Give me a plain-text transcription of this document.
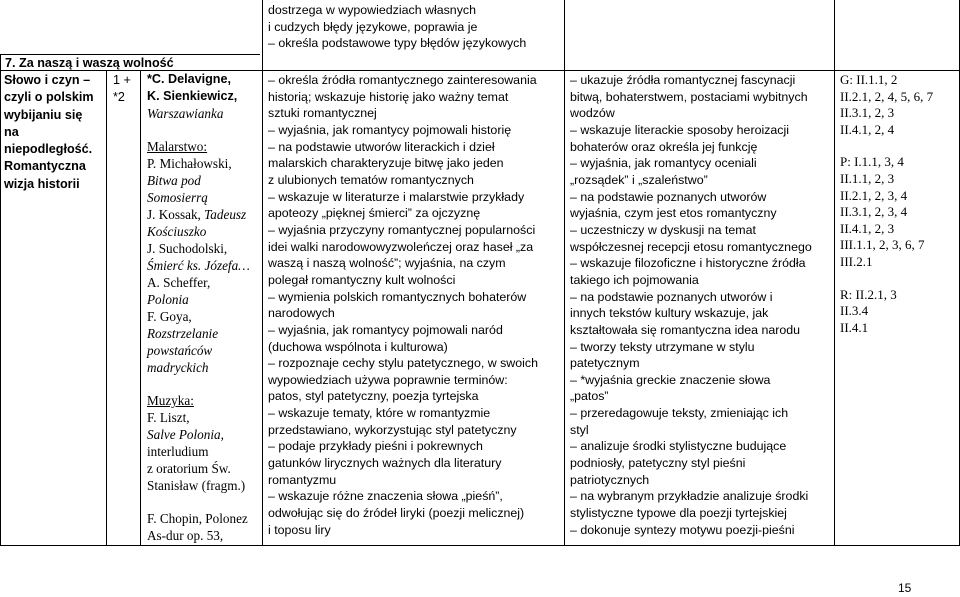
dostrzega w wypowiedziach własnych
i cudzych błędy językowe, poprawia je
– określa podstawowe typy błędów językowych
7. Za naszą i waszą wolność
Słowo i czyn –
czyli o polskim
wybijaniu się
na
niepodległość.
Romantyczna
wizja historii
1 +
*2
*C. Delavigne,
K. Sienkiewicz,
Warszawianka
Malarstwo:
P. Michałowski,
Bitwa pod
Somosierrą
J. Kossak, Tadeusz
Kościuszko
J. Suchodolski,
Śmierć ks. Józefa…
A. Scheffer,
Polonia
F. Goya,
Rozstrzelanie
powstańców
madryckich
Muzyka:
F. Liszt,
Salve Polonia,
interludium
z oratorium Św.
Stanisław (fragm.)
F. Chopin, Polonez
As-dur op. 53,
– określa źródła romantycznego zainteresowania
historią; wskazuje historię jako ważny temat
sztuki romantycznej
– wyjaśnia, jak romantycy pojmowali historię
– na podstawie utworów literackich i dzieł
malarskich charakteryzuje bitwę jako jeden
z ulubionych tematów romantycznych
– wskazuje w literaturze i malarstwie przykłady
apoteozy „pięknej śmierci” za ojczyznę
– wyjaśnia przyczyny romantycznej popularności
idei walki narodowowyzwoleńczej oraz haseł „za
waszą i naszą wolność”; wyjaśnia, na czym
polegał romantyczny kult wolności
– wymienia polskich romantycznych bohaterów
narodowych
– wyjaśnia, jak romantycy pojmowali naród
(duchowa wspólnota i kulturowa)
– rozpoznaje cechy stylu patetycznego, w swoich
wypowiedziach używa poprawnie terminów:
patos, styl patetyczny, poezja tyrtejska
– wskazuje tematy, które w romantyzmie
przedstawiano, wykorzystując styl patetyczny
– podaje przykłady pieśni i pokrewnych
gatunków lirycznych ważnych dla literatury
romantyzmu
– wskazuje różne znaczenia słowa „pieśń”,
odwołując się do źródeł liryki (poezji melicznej)
i toposu liry
– ukazuje źródła romantycznej fascynacji
bitwą, bohaterstwem, postaciami wybitnych
wodzów
– wskazuje literackie sposoby heroizacji
bohaterów oraz określa jej funkcję
– wyjaśnia, jak romantycy oceniali
„rozsądek” i „szaleństwo”
– na podstawie poznanych utworów
wyjaśnia, czym jest etos romantyczny
– uczestniczy w dyskusji na temat
współczesnej recepcji etosu romantycznego
– wskazuje filozoficzne i historyczne źródła
takiego ich pojmowania
– na podstawie poznanych utworów i
innych tekstów kultury wskazuje, jak
kształtowała się romantyczna idea narodu
– tworzy teksty utrzymane w stylu
patetycznym
– *wyjaśnia greckie znaczenie słowa
„patos”
– przeredagowuje teksty, zmieniając ich
styl
– analizuje środki stylistyczne budujące
podniosły, patetyczny styl pieśni
patriotycznych
– na wybranym przykładzie analizuje środki
stylistyczne typowe dla poezji tyrtejskiej
– dokonuje syntezy motywu poezji-pieśni
G: II.1.1, 2
II.2.1, 2, 4, 5, 6, 7
II.3.1, 2, 3
II.4.1, 2, 4
P: I.1.1, 3, 4
II.1.1, 2, 3
II.2.1, 2, 3, 4
II.3.1, 2, 3, 4
II.4.1, 2, 3
III.1.1, 2, 3, 6, 7
III.2.1
R: II.2.1, 3
II.3.4
II.4.1
15
